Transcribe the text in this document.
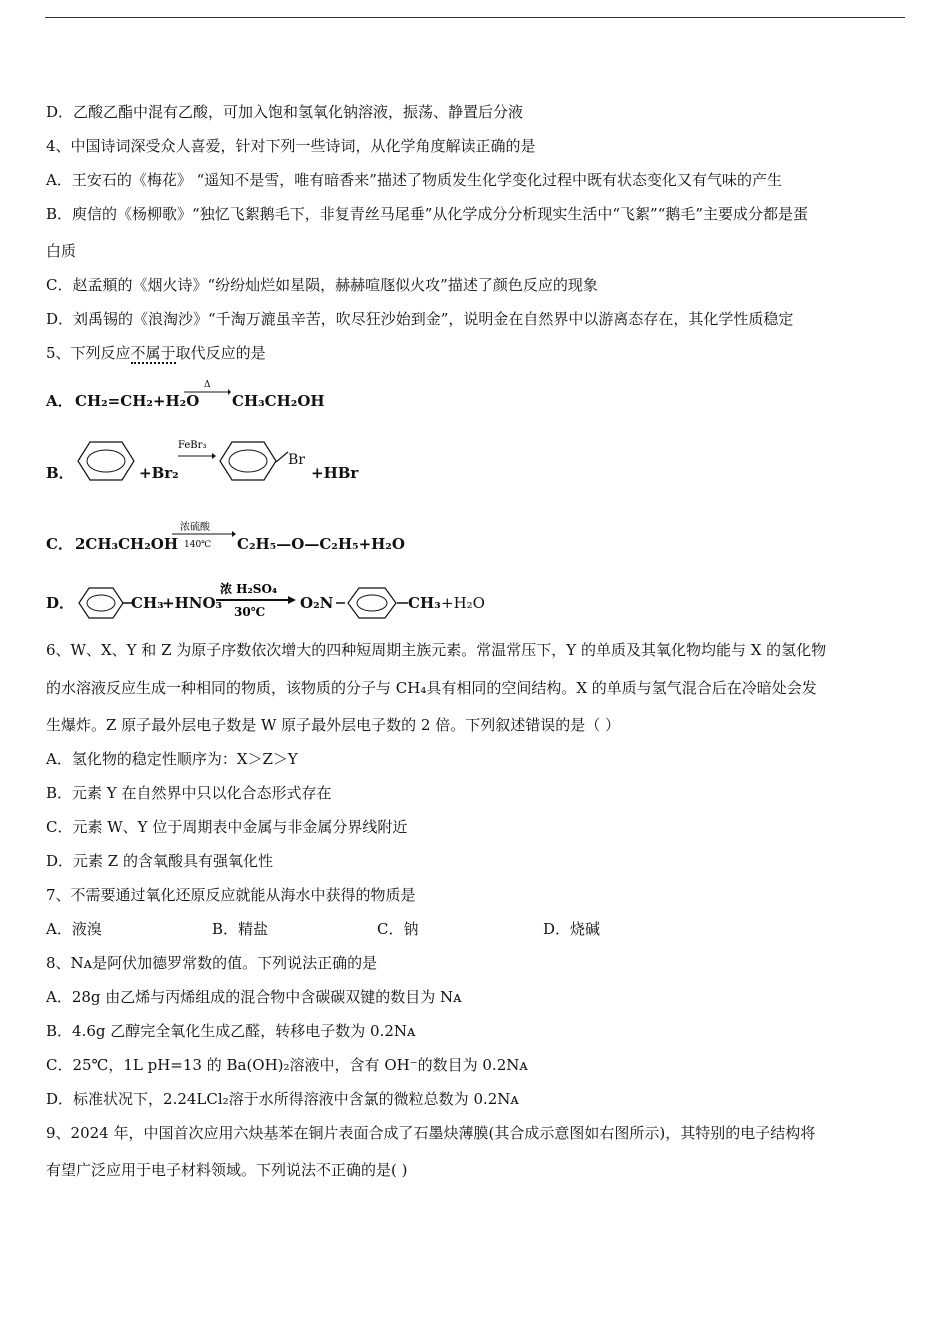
D．乙酸乙酯中混有乙酸，可加入饱和氢氧化钠溶液，振荡、静置后分液
4、中国诗词深受众人喜爱，针对下列一些诗词，从化学角度解读正确的是
A．王安石的《梅花》 “遥知不是雪，唯有暗香来”描述了物质发生化学变化过程中既有状态变化又有气味的产生
B．庾信的《杨柳歌》“独忆飞絮鹅毛下，非复青丝马尾垂”从化学成分分析现实生活中“飞絮”“鹅毛”主要成分都是蛋
白质
C．赵孟頫的《烟火诗》“纷纷灿烂如星陨，赫赫喧豗似火攻”描述了颜色反应的现象
D．刘禹锡的《浪淘沙》“千淘万漉虽辛苦，吹尽狂沙始到金”，说明金在自然界中以游离态存在，其化学性质稳定
5、下列反应不属于取代反应的是
A． CH₂=CH₂+H₂O
Δ
CH₃CH₂OH
B．	+Br₂
FeBr₃
Br
+HBr
C． 2CH₃CH₂OH
浓硫酸
140℃ C₂H₅—O—C₂H₅+H₂O
D．	CH₃
+HNO₃
浓 H₂SO₄
30℃ O₂N	CH₃ +H₂O
6、W、X、Y 和 Z 为原子序数依次增大的四种短周期主族元素。常温常压下，Y 的单质及其氧化物均能与 X 的氢化物
的水溶液反应生成一种相同的物质，该物质的分子与 CH₄具有相同的空间结构。X 的单质与氢气混合后在冷暗处会发
生爆炸。Z 原子最外层电子数是 W 原子最外层电子数的 2 倍。下列叙述错误的是（ ）
A．氢化物的稳定性顺序为：X＞Z＞Y
B．元素 Y 在自然界中只以化合态形式存在
C．元素 W、Y 位于周期表中金属与非金属分界线附近
D．元素 Z 的含氧酸具有强氧化性
7、不需要通过氧化还原反应就能从海水中获得的物质是
A．液溴	B．精盐	C．钠	D．烧碱
8、Nᴀ是阿伏加德罗常数的值。下列说法正确的是
A．28g 由乙烯与丙烯组成的混合物中含碳碳双键的数目为 Nᴀ
B．4.6g 乙醇完全氧化生成乙醛，转移电子数为 0.2Nᴀ
C．25℃，1L pH=13 的 Ba(OH)₂溶液中，含有 OH⁻的数目为 0.2Nᴀ
D．标准状况下，2.24LCl₂溶于水所得溶液中含氯的微粒总数为 0.2Nᴀ
9、2024 年，中国首次应用六炔基苯在铜片表面合成了石墨炔薄膜(其合成示意图如右图所示)，其特别的电子结构将
有望广泛应用于电子材料领域。下列说法不正确的是( )
